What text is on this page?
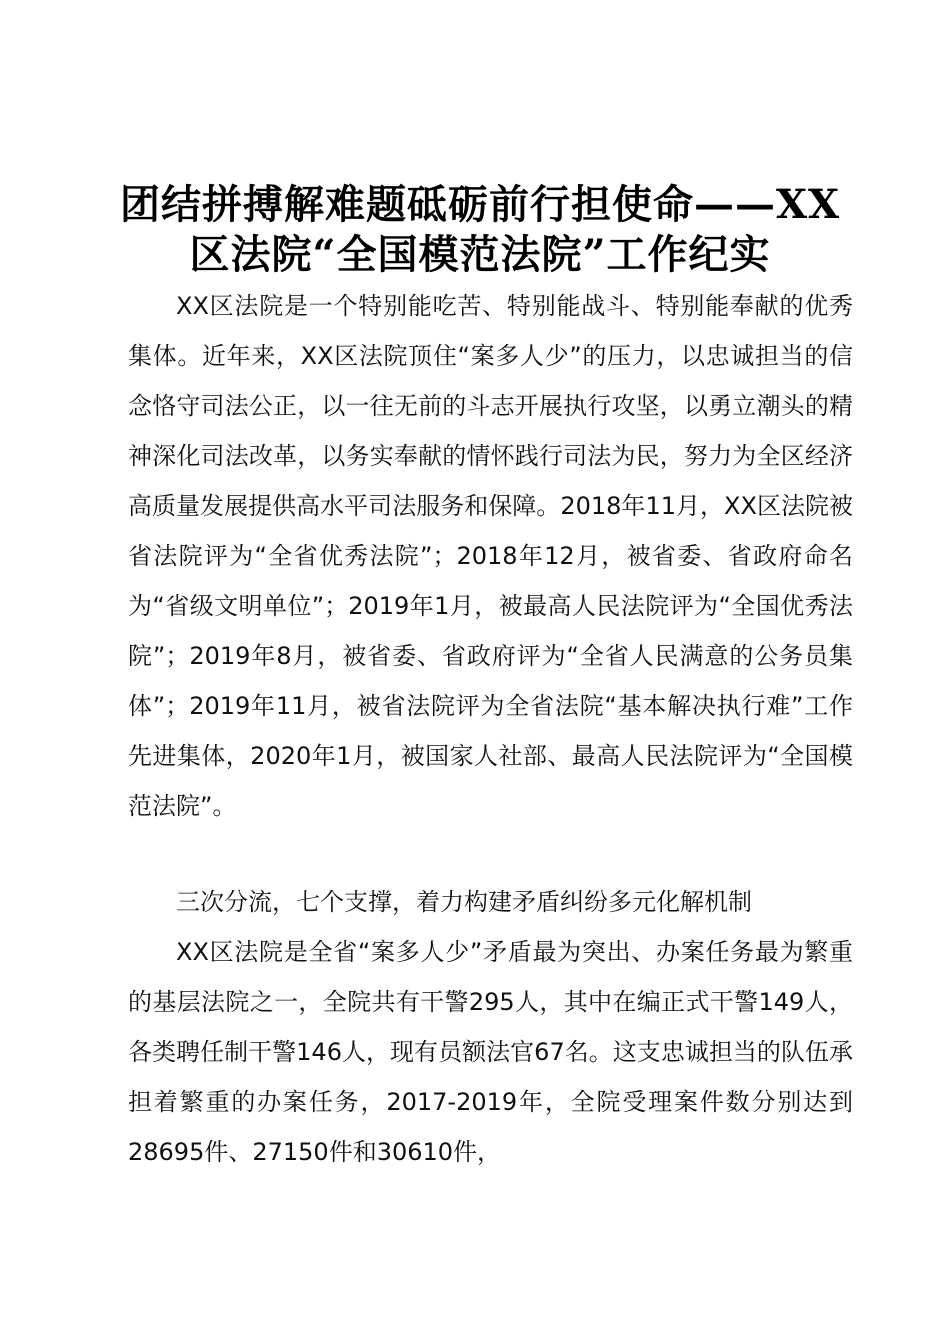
团结拼搏解难题砥砺前行担使命——XX
区法院“全国模范法院”工作纪实

XX区法院是一个特别能吃苦、特别能战斗、特别能奉献的优秀集体。近年来，XX区法院顶住“案多人少”的压力，以忠诚担当的信念恪守司法公正，以一往无前的斗志开展执行攻坚，以勇立潮头的精神深化司法改革，以务实奉献的情怀践行司法为民，努力为全区经济高质量发展提供高水平司法服务和保障。2018年11月，XX区法院被省法院评为“全省优秀法院”；2018年12月，被省委、省政府命名为“省级文明单位”；2019年1月，被最高人民法院评为“全国优秀法院”；2019年8月，被省委、省政府评为“全省人民满意的公务员集体”；2019年11月，被省法院评为全省法院“基本解决执行难”工作先进集体，2020年1月，被国家人社部、最高人民法院评为“全国模范法院”。

三次分流，七个支撑，着力构建矛盾纠纷多元化解机制

XX区法院是全省“案多人少”矛盾最为突出、办案任务最为繁重的基层法院之一，全院共有干警295人，其中在编正式干警149人，各类聘任制干警146人，现有员额法官67名。这支忠诚担当的队伍承担着繁重的办案任务，2017-2019年，全院受理案件数分别达到28695件、27150件和30610件，
